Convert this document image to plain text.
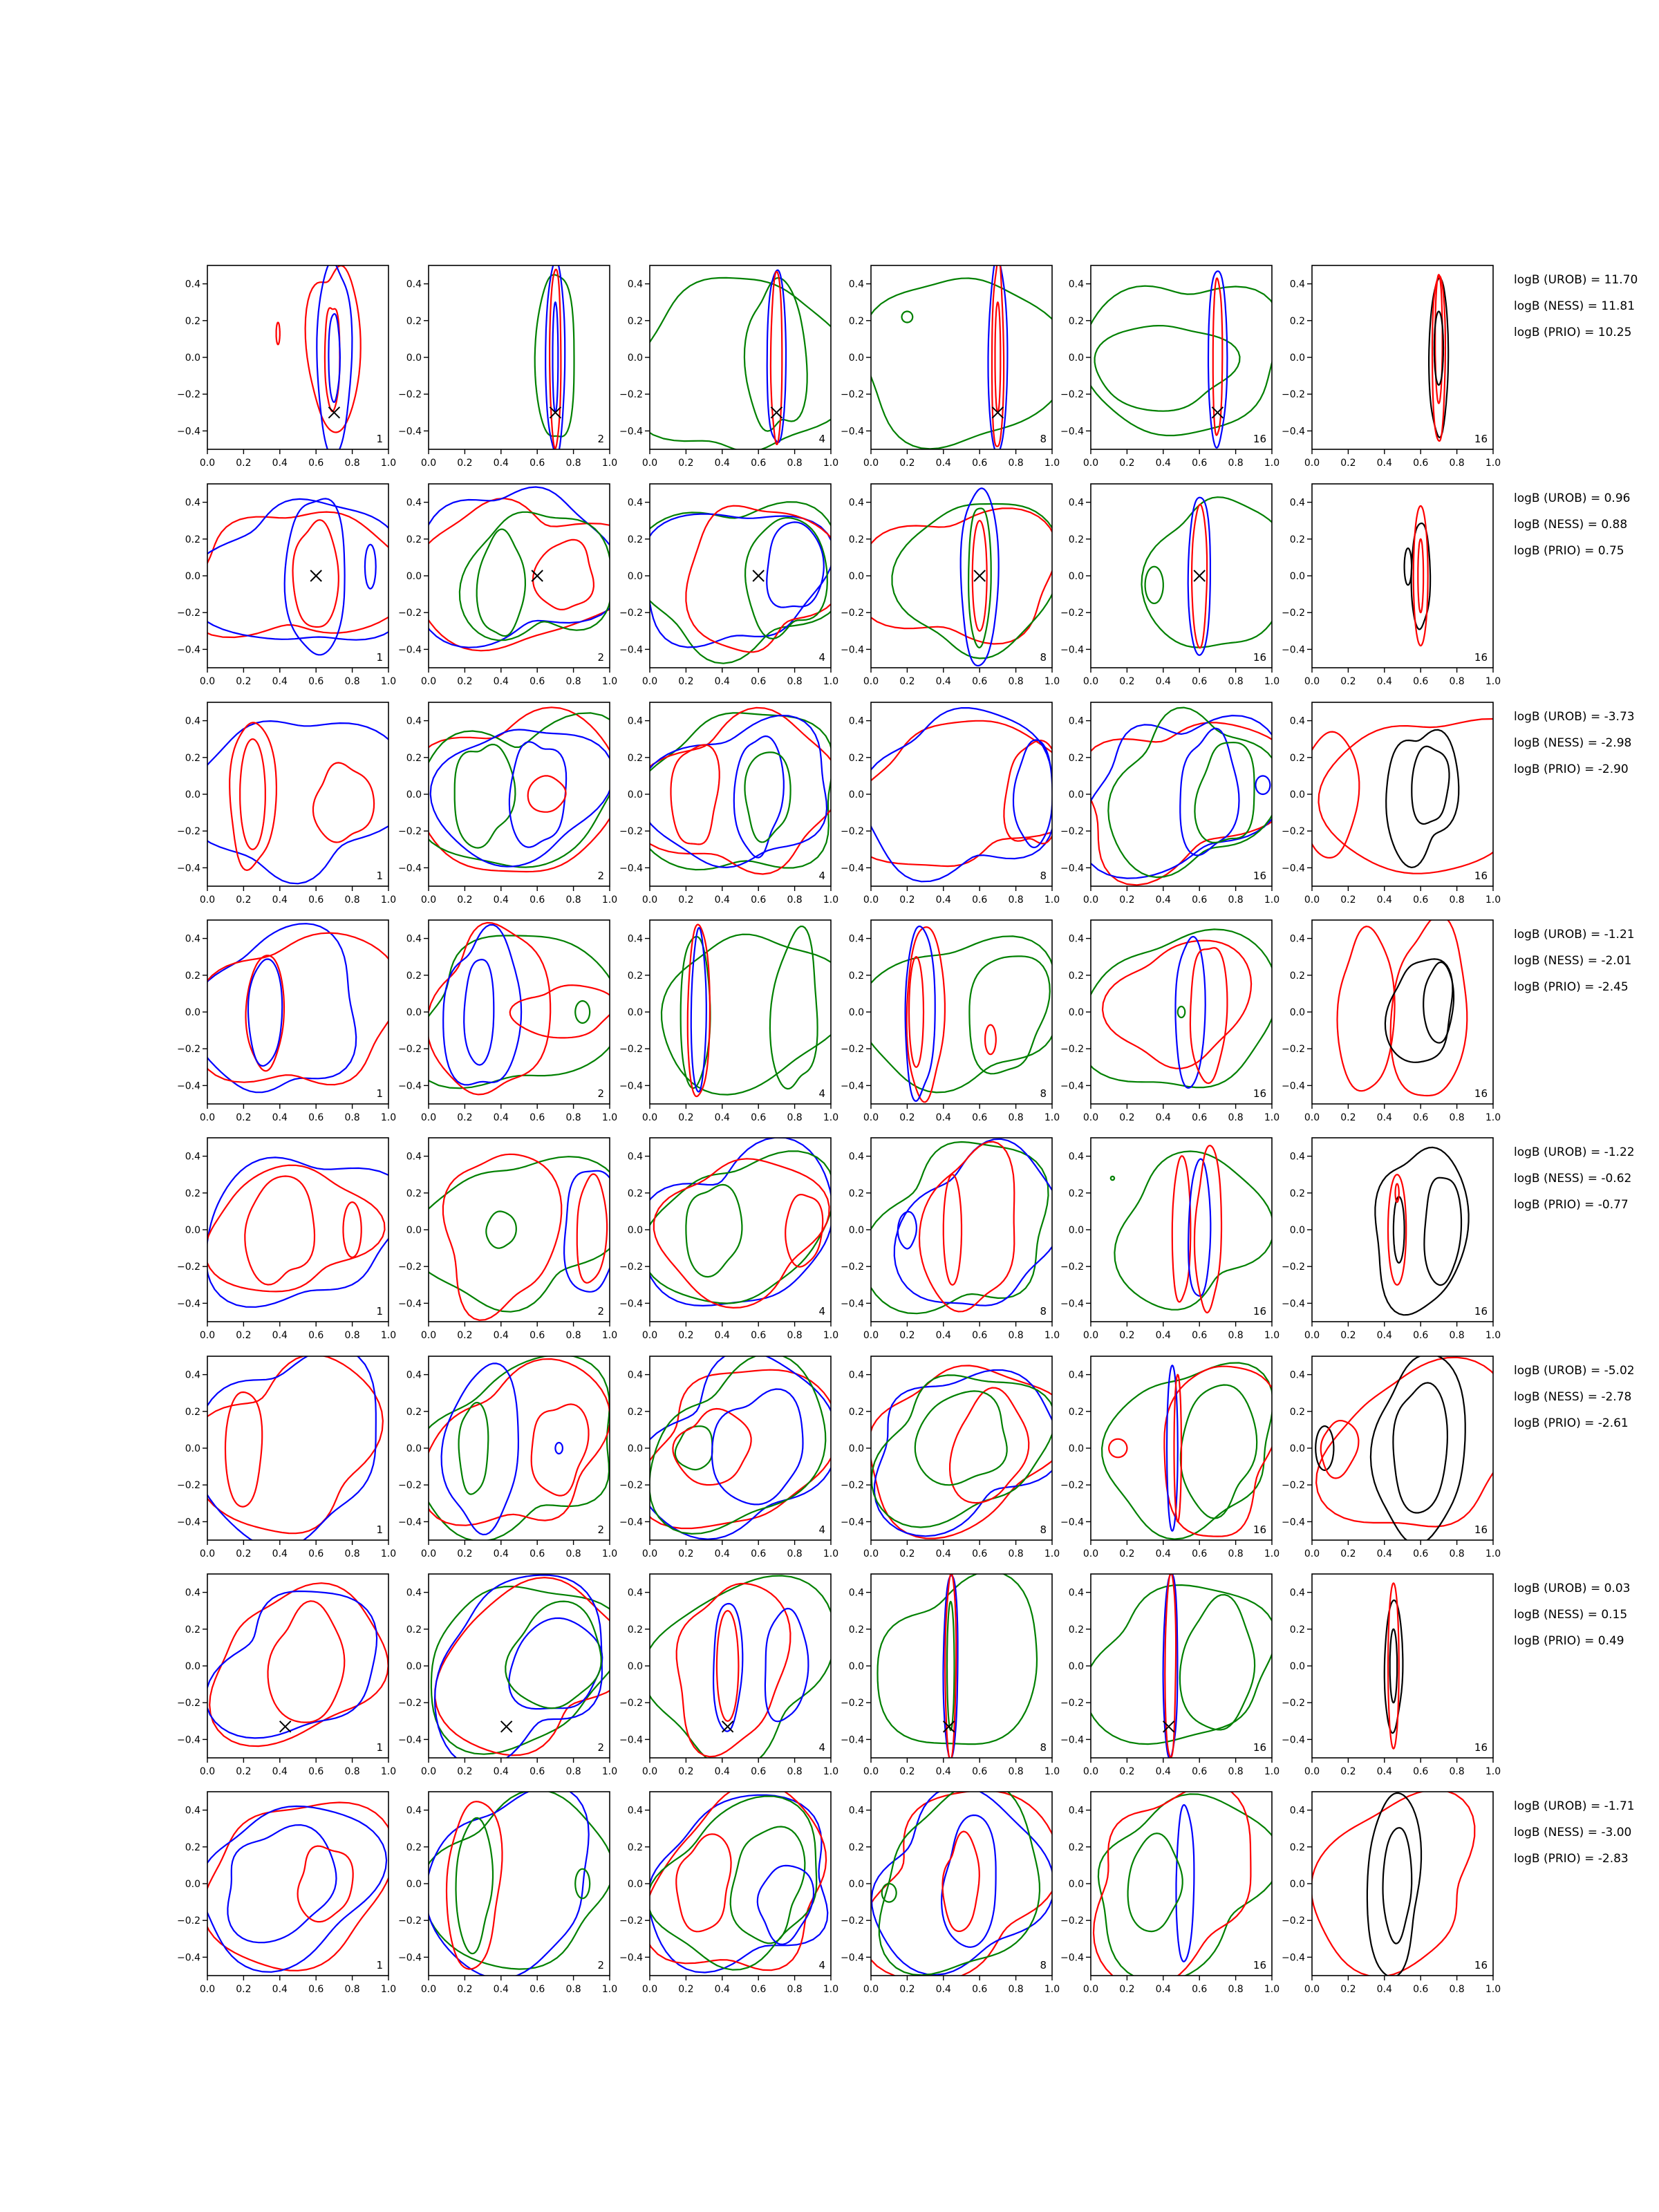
0.0 0.2 0.4 0.6 0.8 1.0
0.4
0.2
0.0
−0.2
−0.4
1
0.0 0.2 0.4 0.6 0.8 1.0
0.4
0.2
0.0
−0.2
−0.4
2
0.0 0.2 0.4 0.6 0.8 1.0
0.4
0.2
0.0
−0.2
−0.4
4
0.0 0.2 0.4 0.6 0.8 1.0
0.4
0.2
0.0
−0.2
−0.4
8
0.0 0.2 0.4 0.6 0.8 1.0
0.4
0.2
0.0
−0.2
−0.4
16
0.0 0.2 0.4 0.6 0.8 1.0
0.4
0.2
0.0
−0.2
−0.4
16
logB (UROB) = 11.70
logB (NESS) = 11.81
logB (PRIO) = 10.25
0.0 0.2 0.4 0.6 0.8 1.0
0.4
0.2
0.0
−0.2
−0.4
1
0.0 0.2 0.4 0.6 0.8 1.0
0.4
0.2
0.0
−0.2
−0.4
2
0.0 0.2 0.4 0.6 0.8 1.0
0.4
0.2
0.0
−0.2
−0.4
4
0.0 0.2 0.4 0.6 0.8 1.0
0.4
0.2
0.0
−0.2
−0.4
8
0.0 0.2 0.4 0.6 0.8 1.0
0.4
0.2
0.0
−0.2
−0.4
16
0.0 0.2 0.4 0.6 0.8 1.0
0.4
0.2
0.0
−0.2
−0.4
16
logB (UROB) = 0.96
logB (NESS) = 0.88
logB (PRIO) = 0.75
0.0 0.2 0.4 0.6 0.8 1.0
0.4
0.2
0.0
−0.2
−0.4
1
0.0 0.2 0.4 0.6 0.8 1.0
0.4
0.2
0.0
−0.2
−0.4
2
0.0 0.2 0.4 0.6 0.8 1.0
0.4
0.2
0.0
−0.2
−0.4
4
0.0 0.2 0.4 0.6 0.8 1.0
0.4
0.2
0.0
−0.2
−0.4
8
0.0 0.2 0.4 0.6 0.8 1.0
0.4
0.2
0.0
−0.2
−0.4
16
0.0 0.2 0.4 0.6 0.8 1.0
0.4
0.2
0.0
−0.2
−0.4
16
logB (UROB) = -3.73
logB (NESS) = -2.98
logB (PRIO) = -2.90
0.0 0.2 0.4 0.6 0.8 1.0
0.4
0.2
0.0
−0.2
−0.4
1
0.0 0.2 0.4 0.6 0.8 1.0
0.4
0.2
0.0
−0.2
−0.4
2
0.0 0.2 0.4 0.6 0.8 1.0
0.4
0.2
0.0
−0.2
−0.4
4
0.0 0.2 0.4 0.6 0.8 1.0
0.4
0.2
0.0
−0.2
−0.4
8
0.0 0.2 0.4 0.6 0.8 1.0
0.4
0.2
0.0
−0.2
−0.4
16
0.0 0.2 0.4 0.6 0.8 1.0
0.4
0.2
0.0
−0.2
−0.4
16
logB (UROB) = -1.21
logB (NESS) = -2.01
logB (PRIO) = -2.45
0.0 0.2 0.4 0.6 0.8 1.0
0.4
0.2
0.0
−0.2
−0.4
1
0.0 0.2 0.4 0.6 0.8 1.0
0.4
0.2
0.0
−0.2
−0.4
2
0.0 0.2 0.4 0.6 0.8 1.0
0.4
0.2
0.0
−0.2
−0.4
4
0.0 0.2 0.4 0.6 0.8 1.0
0.4
0.2
0.0
−0.2
−0.4
8
0.0 0.2 0.4 0.6 0.8 1.0
0.4
0.2
0.0
−0.2
−0.4
16
0.0 0.2 0.4 0.6 0.8 1.0
0.4
0.2
0.0
−0.2
−0.4
16
logB (UROB) = -1.22
logB (NESS) = -0.62
logB (PRIO) = -0.77
0.0 0.2 0.4 0.6 0.8 1.0
0.4
0.2
0.0
−0.2
−0.4
1
0.0 0.2 0.4 0.6 0.8 1.0
0.4
0.2
0.0
−0.2
−0.4
2
0.0 0.2 0.4 0.6 0.8 1.0
0.4
0.2
0.0
−0.2
−0.4
4
0.0 0.2 0.4 0.6 0.8 1.0
0.4
0.2
0.0
−0.2
−0.4
8
0.0 0.2 0.4 0.6 0.8 1.0
0.4
0.2
0.0
−0.2
−0.4
16
0.0 0.2 0.4 0.6 0.8 1.0
0.4
0.2
0.0
−0.2
−0.4
16
logB (UROB) = -5.02
logB (NESS) = -2.78
logB (PRIO) = -2.61
0.0 0.2 0.4 0.6 0.8 1.0
0.4
0.2
0.0
−0.2
−0.4
1
0.0 0.2 0.4 0.6 0.8 1.0
0.4
0.2
0.0
−0.2
−0.4
2
0.0 0.2 0.4 0.6 0.8 1.0
0.4
0.2
0.0
−0.2
−0.4
4
0.0 0.2 0.4 0.6 0.8 1.0
0.4
0.2
0.0
−0.2
−0.4
8
0.0 0.2 0.4 0.6 0.8 1.0
0.4
0.2
0.0
−0.2
−0.4
16
0.0 0.2 0.4 0.6 0.8 1.0
0.4
0.2
0.0
−0.2
−0.4
16
logB (UROB) = 0.03
logB (NESS) = 0.15
logB (PRIO) = 0.49
0.0 0.2 0.4 0.6 0.8 1.0
0.4
0.2
0.0
−0.2
−0.4
1
0.0 0.2 0.4 0.6 0.8 1.0
0.4
0.2
0.0
−0.2
−0.4
2
0.0 0.2 0.4 0.6 0.8 1.0
0.4
0.2
0.0
−0.2
−0.4
4
0.0 0.2 0.4 0.6 0.8 1.0
0.4
0.2
0.0
−0.2
−0.4
8
0.0 0.2 0.4 0.6 0.8 1.0
0.4
0.2
0.0
−0.2
−0.4
16
0.0 0.2 0.4 0.6 0.8 1.0
0.4
0.2
0.0
−0.2
−0.4
16
logB (UROB) = -1.71
logB (NESS) = -3.00
logB (PRIO) = -2.83
